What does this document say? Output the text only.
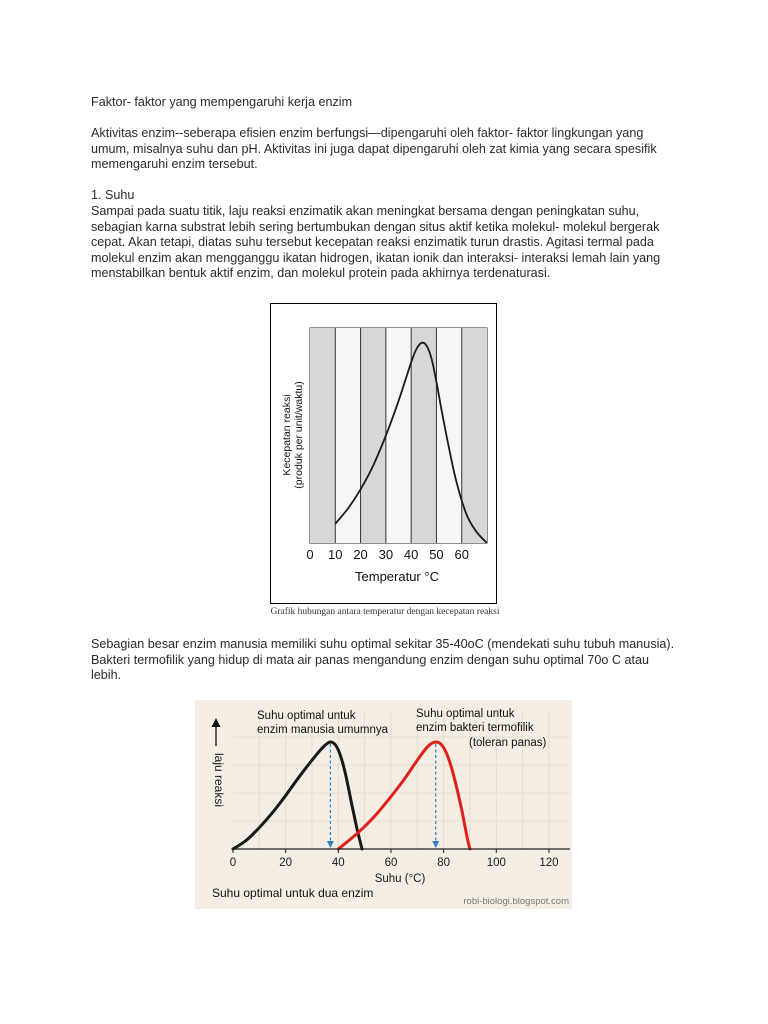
Faktor- faktor yang mempengaruhi kerja enzim

Aktivitas enzim--seberapa efisien enzim berfungsi—dipengaruhi oleh faktor- faktor lingkungan yang umum, misalnya suhu dan pH. Aktivitas ini juga dapat dipengaruhi oleh zat kimia yang secara spesifik memengaruhi enzim tersebut.

1. Suhu

Sampai pada suatu titik, laju reaksi enzimatik akan meningkat bersama dengan peningkatan suhu, sebagian karna substrat lebih sering bertumbukan dengan situs aktif ketika molekul- molekul bergerak cepat. Akan tetapi, diatas suhu tersebut kecepatan reaksi enzimatik turun drastis. Agitasi termal pada molekul enzim akan mengganggu ikatan hidrogen, ikatan ionik dan interaksi- interaksi lemah lain yang menstabilkan bentuk aktif enzim, dan molekul protein pada akhirnya terdenaturasi.

0 10 20 30 40 50 60
Temperatur °C
Kecepatan reaksi (produk per unit/waktu)
Grafik hubungan antara temperatur dengan kecepatan reaksi

Sebagian besar enzim manusia memiliki suhu optimal sekitar 35-40oC (mendekati suhu tubuh manusia). Bakteri termofilik yang hidup di mata air panas mengandung enzim dengan suhu optimal 70o C atau lebih.

0	20	40	60	80	100	120
Suhu (°C)
laju reaksi
Suhu optimal untuk
enzim manusia umumnya
Suhu optimal untuk
enzim bakteri termofilik
(toleran panas)
Suhu optimal untuk dua enzim
robi-biologi.blogspot.com
